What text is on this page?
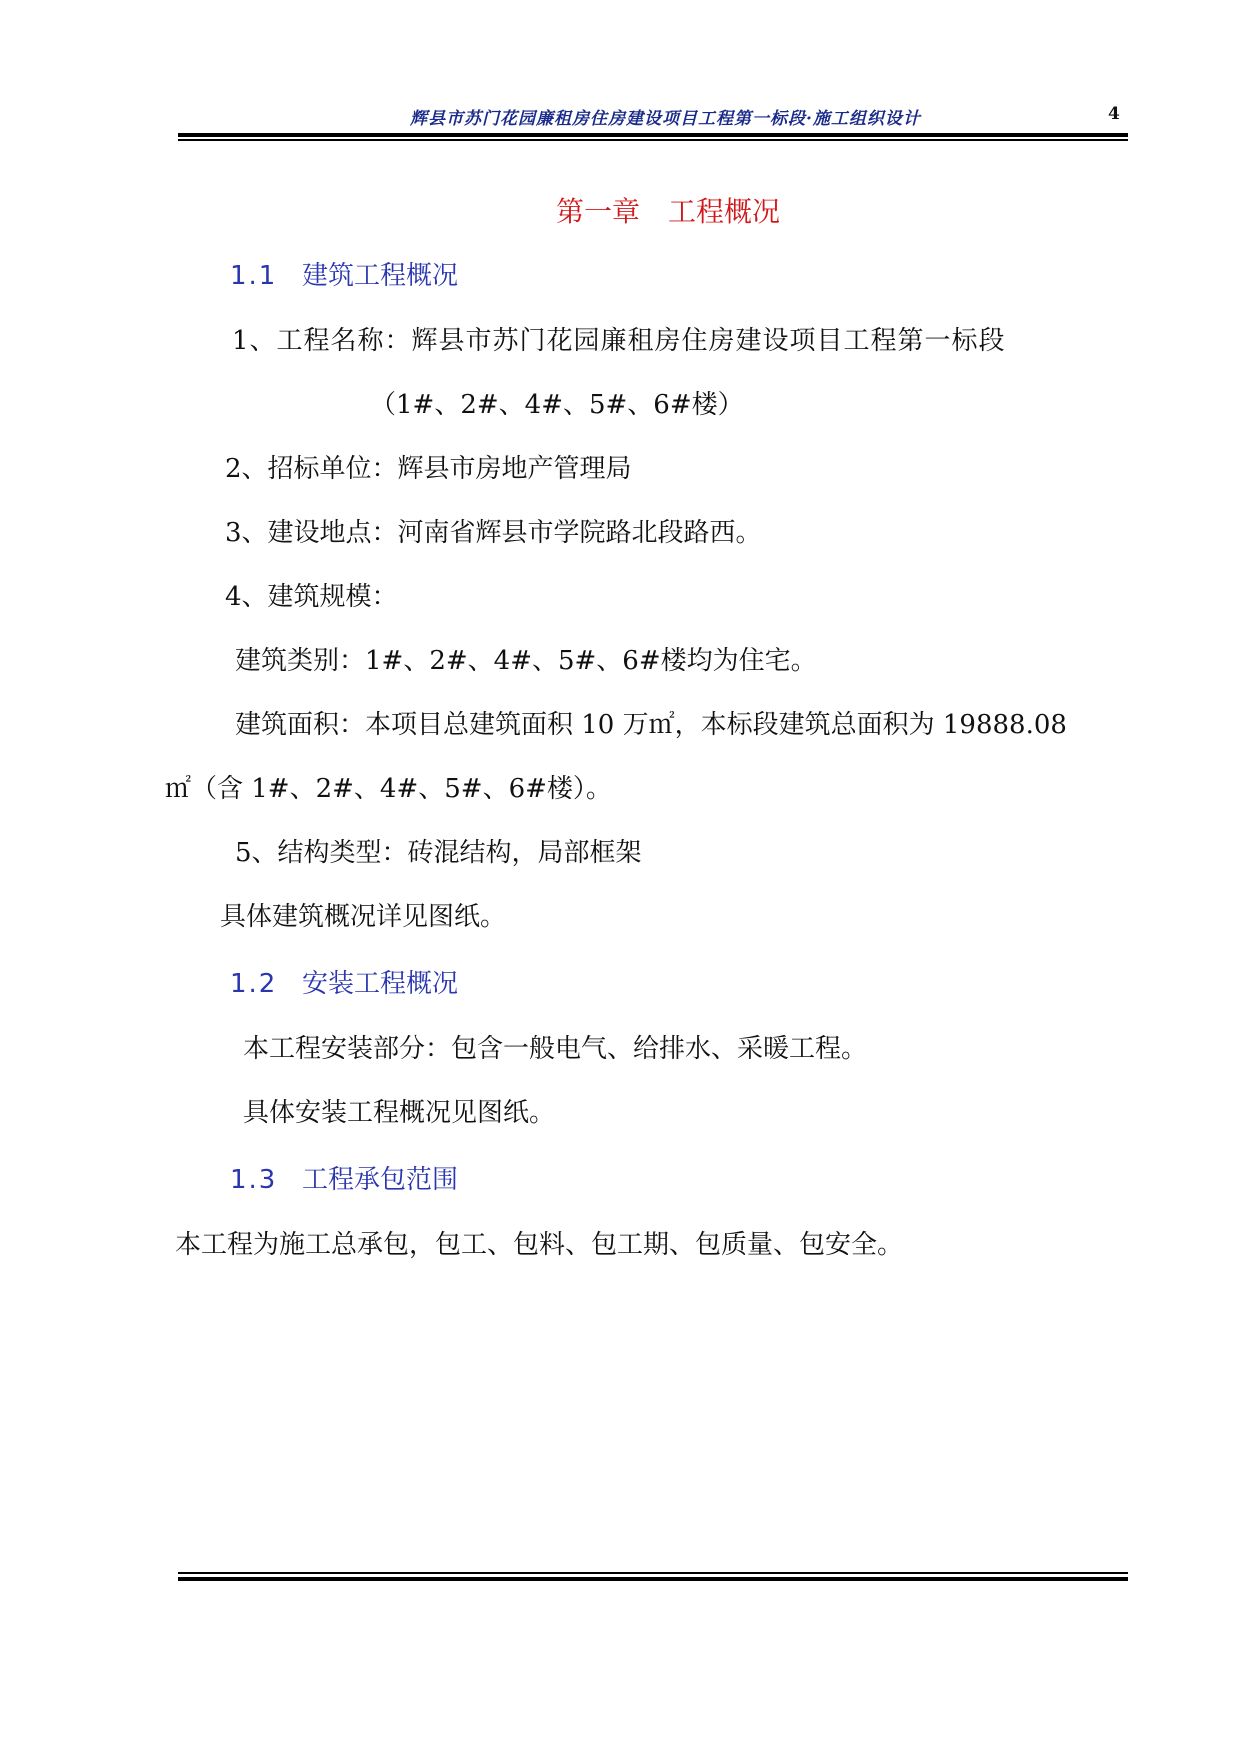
辉县市苏门花园廉租房住房建设项目工程第一标段·施工组织设计	4
第一章　工程概况
1.1 建筑工程概况
1、工程名称：辉县市苏门花园廉租房住房建设项目工程第一标段
（1#、2#、4#、5#、6#楼）
2、招标单位：辉县市房地产管理局
3、建设地点：河南省辉县市学院路北段路西。
4、建筑规模：
建筑类别：1#、2#、4#、5#、6#楼均为住宅。
建筑面积：本项目总建筑面积 10 万㎡，本标段建筑总面积为 19888.08
㎡（含 1#、2#、4#、5#、6#楼）。
5、结构类型：砖混结构，局部框架
具体建筑概况详见图纸。
1.2 安装工程概况
本工程安装部分：包含一般电气、给排水、采暖工程。
具体安装工程概况见图纸。
1.3 工程承包范围
本工程为施工总承包，包工、包料、包工期、包质量、包安全。
